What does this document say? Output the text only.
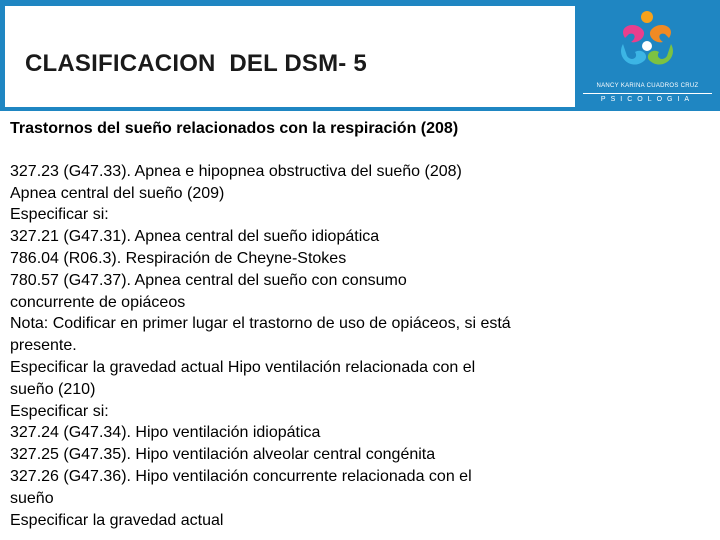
CLASIFICACION  DEL DSM- 5
NANCY KARINA CUADROS CRUZ
PSICOLOGIA

Trastornos del sueño relacionados con la respiración (208)

327.23 (G47.33). Apnea e hipopnea obstructiva del sueño (208)

Apnea central del sueño (209)

Especificar si:

327.21 (G47.31). Apnea central del sueño idiopática

786.04 (R06.3). Respiración de Cheyne-Stokes

780.57 (G47.37). Apnea central del sueño con consumo

concurrente de opiáceos

Nota: Codificar en primer lugar el trastorno de uso de opiáceos, si está

presente.

Especificar la gravedad actual Hipo ventilación relacionada con el

sueño (210)

Especificar si:

327.24 (G47.34). Hipo ventilación idiopática

327.25 (G47.35). Hipo ventilación alveolar central congénita

327.26 (G47.36). Hipo ventilación concurrente relacionada con el

sueño

Especificar la gravedad actual
